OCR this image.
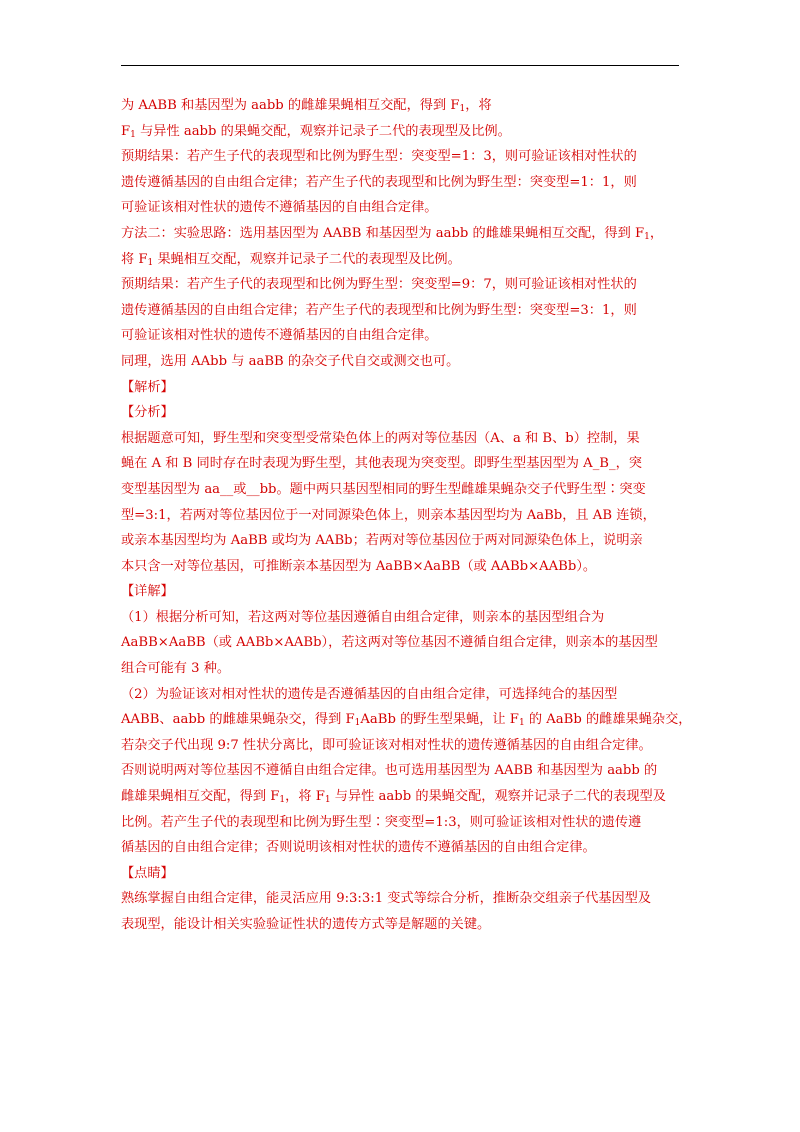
为 AABB 和基因型为 aabb 的雌雄果蝇相互交配，得到 $F_1$，将
$F_1$ 与异性 aabb 的果蝇交配，观察并记录子二代的表现型及比例。
预期结果：若产生子代的表现型和比例为野生型：突变型=1：3，则可验证该相对性状的
遗传遵循基因的自由组合定律；若产生子代的表现型和比例为野生型：突变型=1：1，则
可验证该相对性状的遗传不遵循基因的自由组合定律。
方法二：实验思路：选用基因型为 AABB 和基因型为 aabb 的雌雄果蝇相互交配，得到 $F_1$，
将 $F_1$ 果蝇相互交配，观察并记录子二代的表现型及比例。
预期结果：若产生子代的表现型和比例为野生型：突变型=9：7，则可验证该相对性状的
遗传遵循基因的自由组合定律；若产生子代的表现型和比例为野生型：突变型=3：1，则
可验证该相对性状的遗传不遵循基因的自由组合定律。
同理，选用 AAbb 与 aaBB 的杂交子代自交或测交也可。
【解析】
【分析】
根据题意可知，野生型和突变型受常染色体上的两对等位基因（A、a 和 B、b）控制，果
蝇在 A 和 B 同时存在时表现为野生型，其他表现为突变型。即野生型基因型为 A_B_，突
变型基因型为 aa__或__bb。题中两只基因型相同的野生型雌雄果蝇杂交子代野生型∶突变
型=3:1，若两对等位基因位于一对同源染色体上，则亲本基因型均为 AaBb，且 AB 连锁，
或亲本基因型均为 AaBB 或均为 AABb；若两对等位基因位于两对同源染色体上，说明亲
本只含一对等位基因，可推断亲本基因型为 AaBB×AaBB（或 AABb×AABb）。
【详解】
（1）根据分析可知，若这两对等位基因遵循自由组合定律，则亲本的基因型组合为
AaBB×AaBB（或 AABb×AABb），若这两对等位基因不遵循自组合定律，则亲本的基因型
组合可能有 3 种。
（2）为验证该对相对性状的遗传是否遵循基因的自由组合定律，可选择纯合的基因型
AABB、aabb 的雌雄果蝇杂交，得到 $F_1AaBb$ 的野生型果蝇，让 $F_1$ 的 AaBb 的雌雄果蝇杂交，
若杂交子代出现 9:7 性状分离比，即可验证该对相对性状的遗传遵循基因的自由组合定律。
否则说明两对等位基因不遵循自由组合定律。也可选用基因型为 AABB 和基因型为 aabb 的
雌雄果蝇相互交配，得到 $F_1$，将 $F_1$ 与异性 aabb 的果蝇交配，观察并记录子二代的表现型及
比例。若产生子代的表现型和比例为野生型∶突变型=1:3，则可验证该相对性状的遗传遵
循基因的自由组合定律；否则说明该相对性状的遗传不遵循基因的自由组合定律。
【点睛】
熟练掌握自由组合定律，能灵活应用 9:3:3:1 变式等综合分析，推断杂交组亲子代基因型及
表现型，能设计相关实验验证性状的遗传方式等是解题的关键。
